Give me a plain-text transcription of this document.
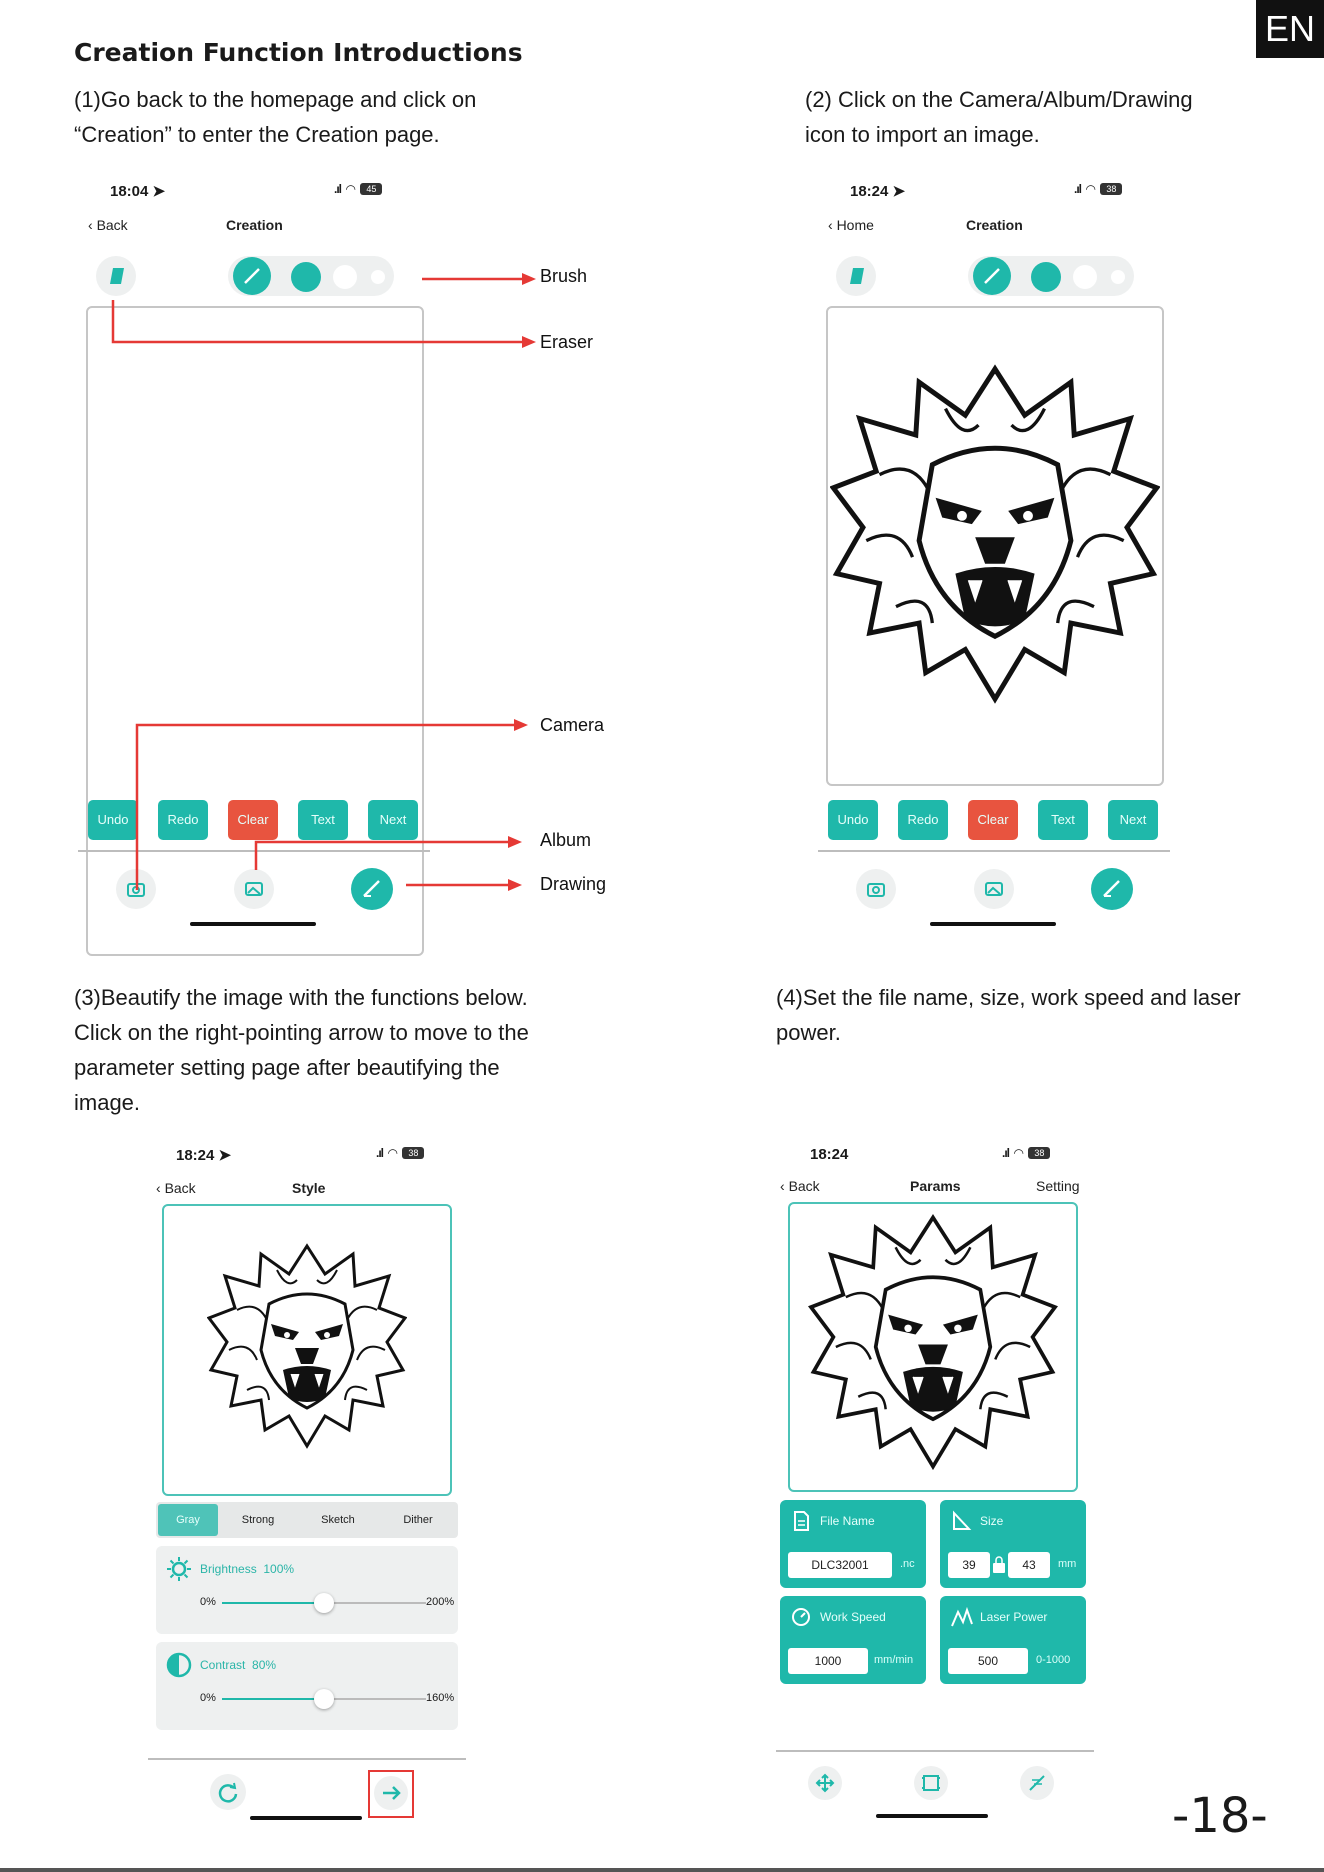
Creation Function Introductions
EN
-18-
(1)Go back to the homepage and click on
“Creation” to enter the Creation page.
(2) Click on the Camera/Album/Drawing
icon to import an image.
(3)Beautify the image with the functions below.
Click on the right-pointing arrow to move to the
parameter setting page after beautifying the
image.
(4)Set the file name, size, work speed and laser
power.
18:04 ➤	.ıl ◠ 45
‹ Back	Creation
Undo	Redo	Clear	Text	Next
Brush
Eraser
Camera
Album
Drawing
18:24 ➤	.ıl ◠ 38
‹ Home	Creation
Undo	Redo	Clear	Text	Next
18:24 ➤	.ıl ◠ 38
‹ Back	Style
Gray	Strong	Sketch	Dither
Brightness 100%
0%	200%
Contrast 80%
0%	160%
18:24	.ıl ◠ 38
‹ Back	Params	Setting
File Name
DLC32001	.nc
Size
39	43	mm
Work Speed
1000	mm/min
Laser Power
500	0-1000
